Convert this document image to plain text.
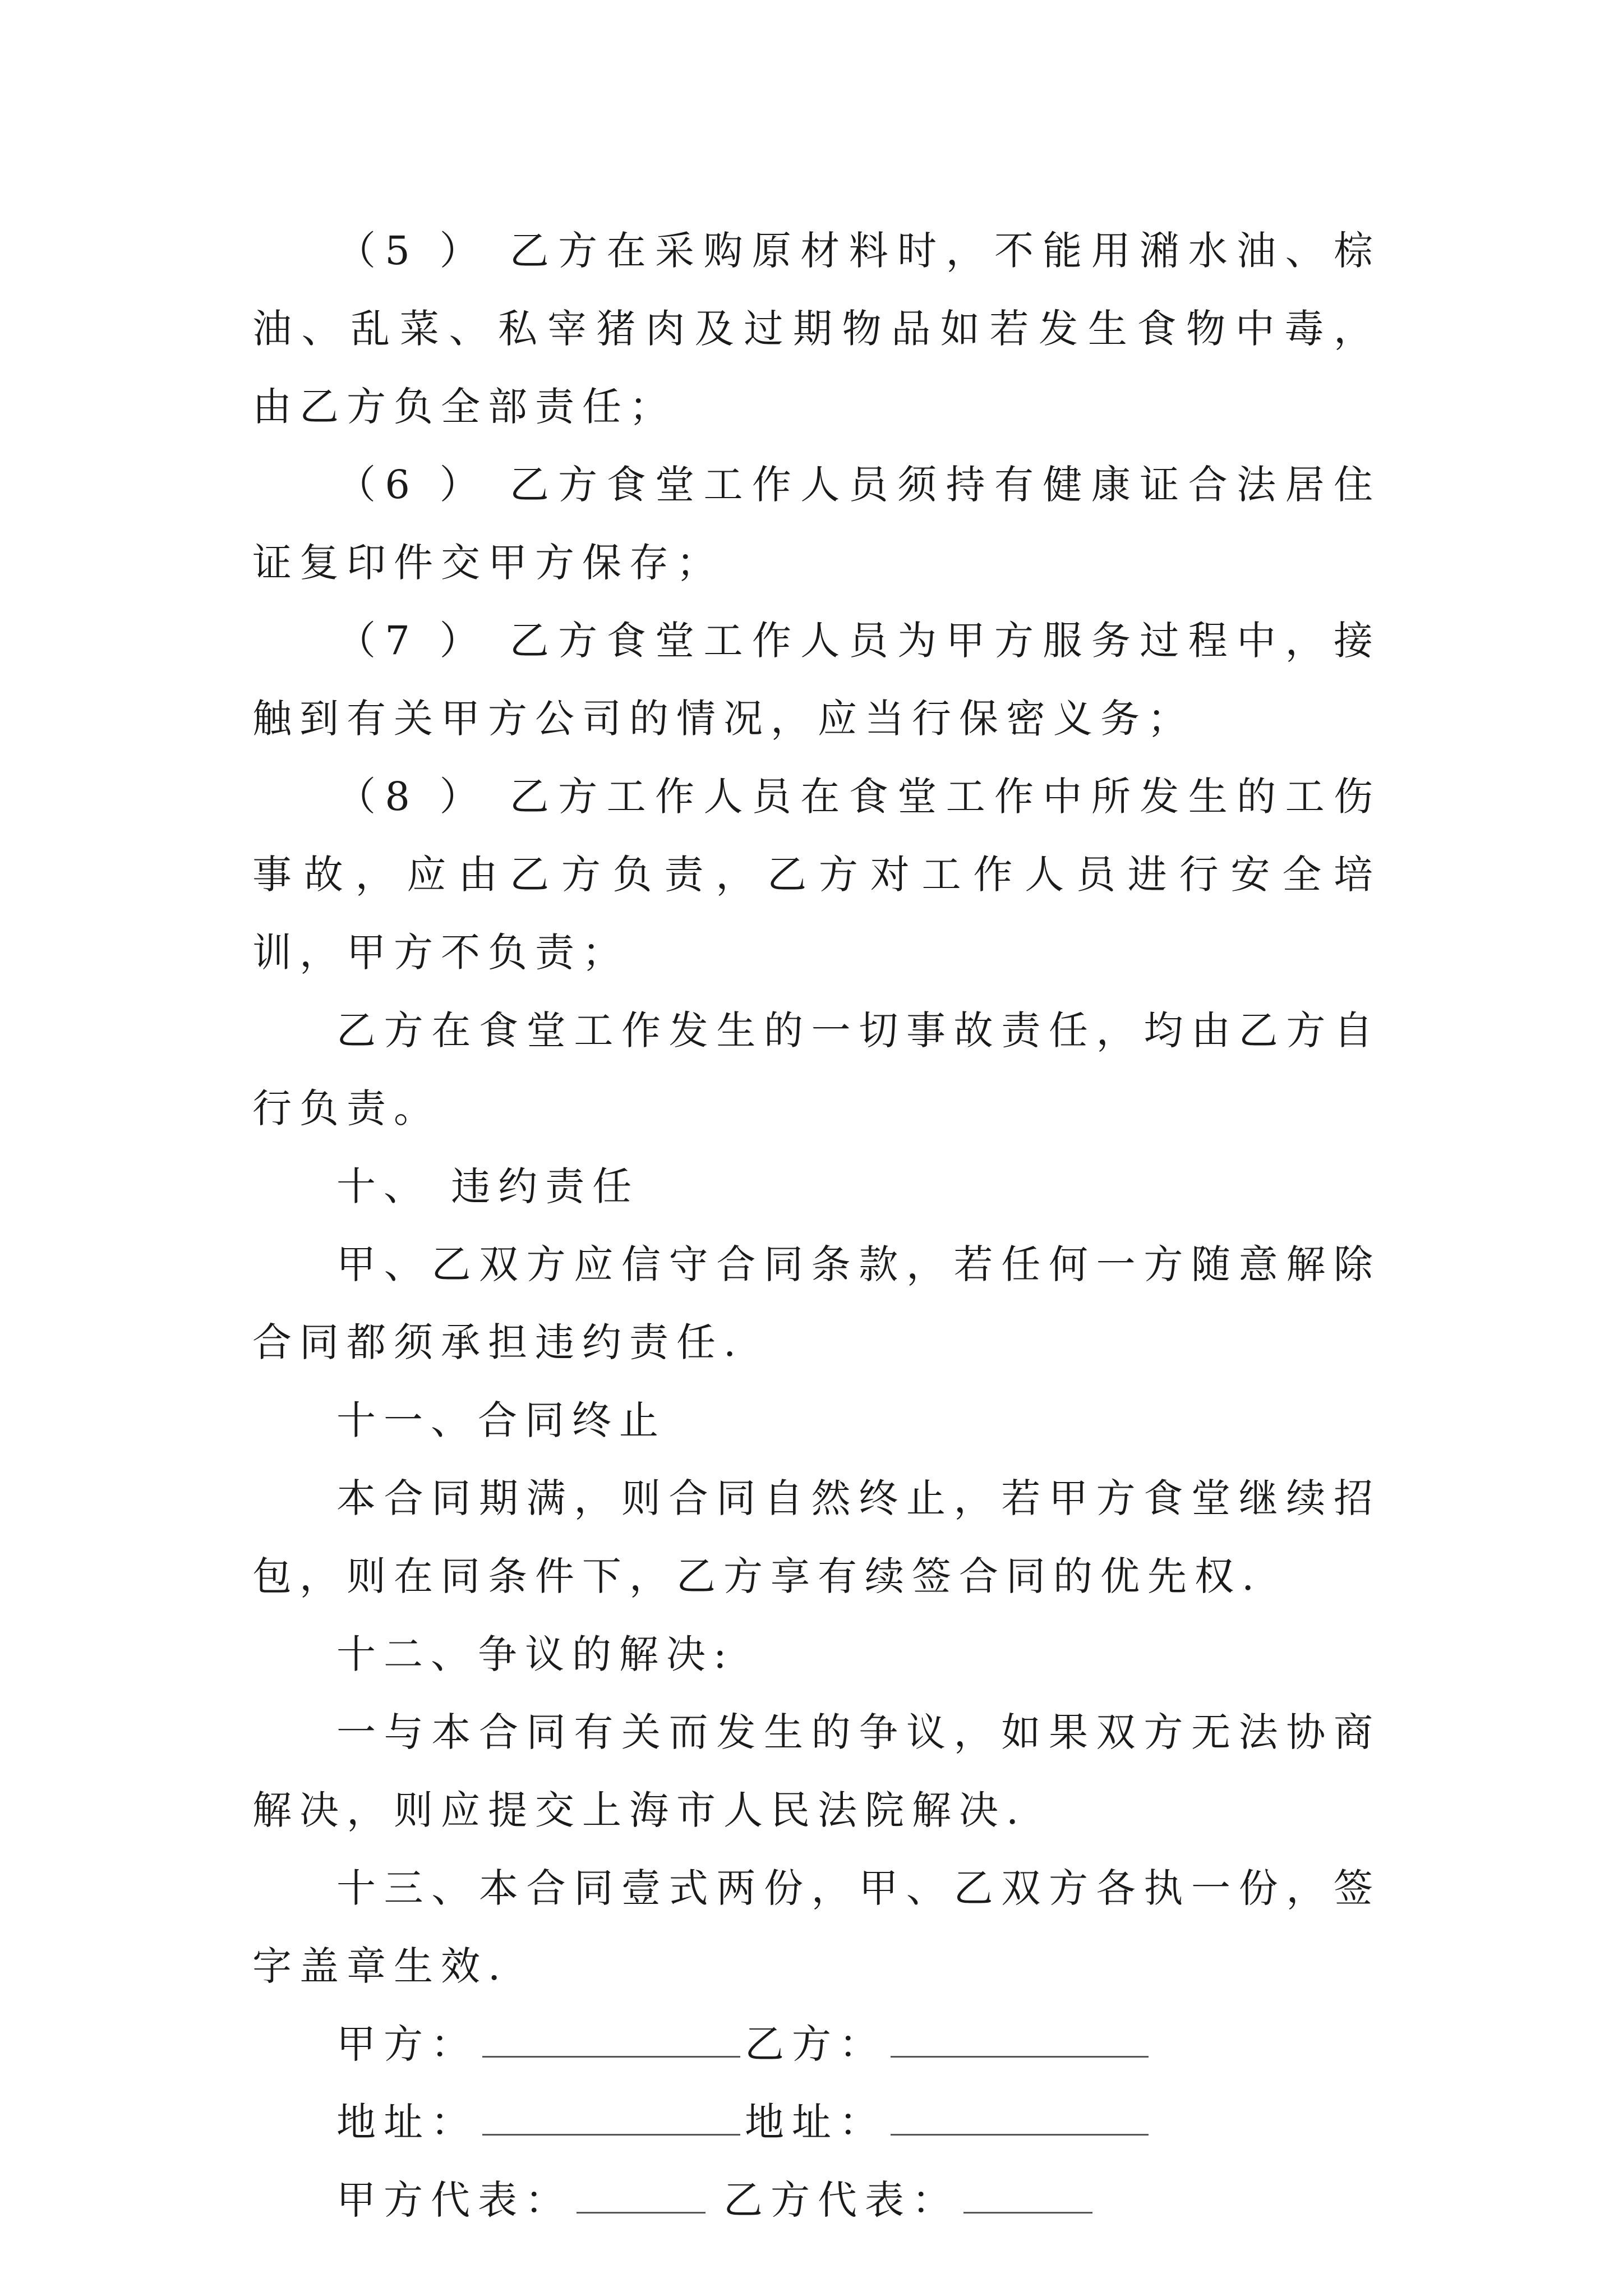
（5 ） 乙方在采购原材料时，不能用潲水油、棕油、乱菜、私宰猪肉及过期物品如若发生食物中毒，由乙方负全部责任；

（6 ） 乙方食堂工作人员须持有健康证合法居住证复印件交甲方保存；

（7 ） 乙方食堂工作人员为甲方服务过程中，接触到有关甲方公司的情况，应当行保密义务；

（8 ） 乙方工作人员在食堂工作中所发生的工伤事故，应由乙方负责，乙方对工作人员进行安全培训，甲方不负责；

乙方在食堂工作发生的一切事故责任，均由乙方自行负责。

十、 违约责任

甲、乙双方应信守合同条款，若任何一方随意解除合同都须承担违约责任.

十一、合同终止

本合同期满，则合同自然终止，若甲方食堂继续招包，则在同条件下，乙方享有续签合同的优先权.

十二、争议的解决:

一与本合同有关而发生的争议，如果双方无法协商解决，则应提交上海市人民法院解决.

十三、本合同壹式两份，甲、乙双方各执一份，签字盖章生效.

甲方：	乙方：
地址：	地址：
甲方代表：	乙方代表：
